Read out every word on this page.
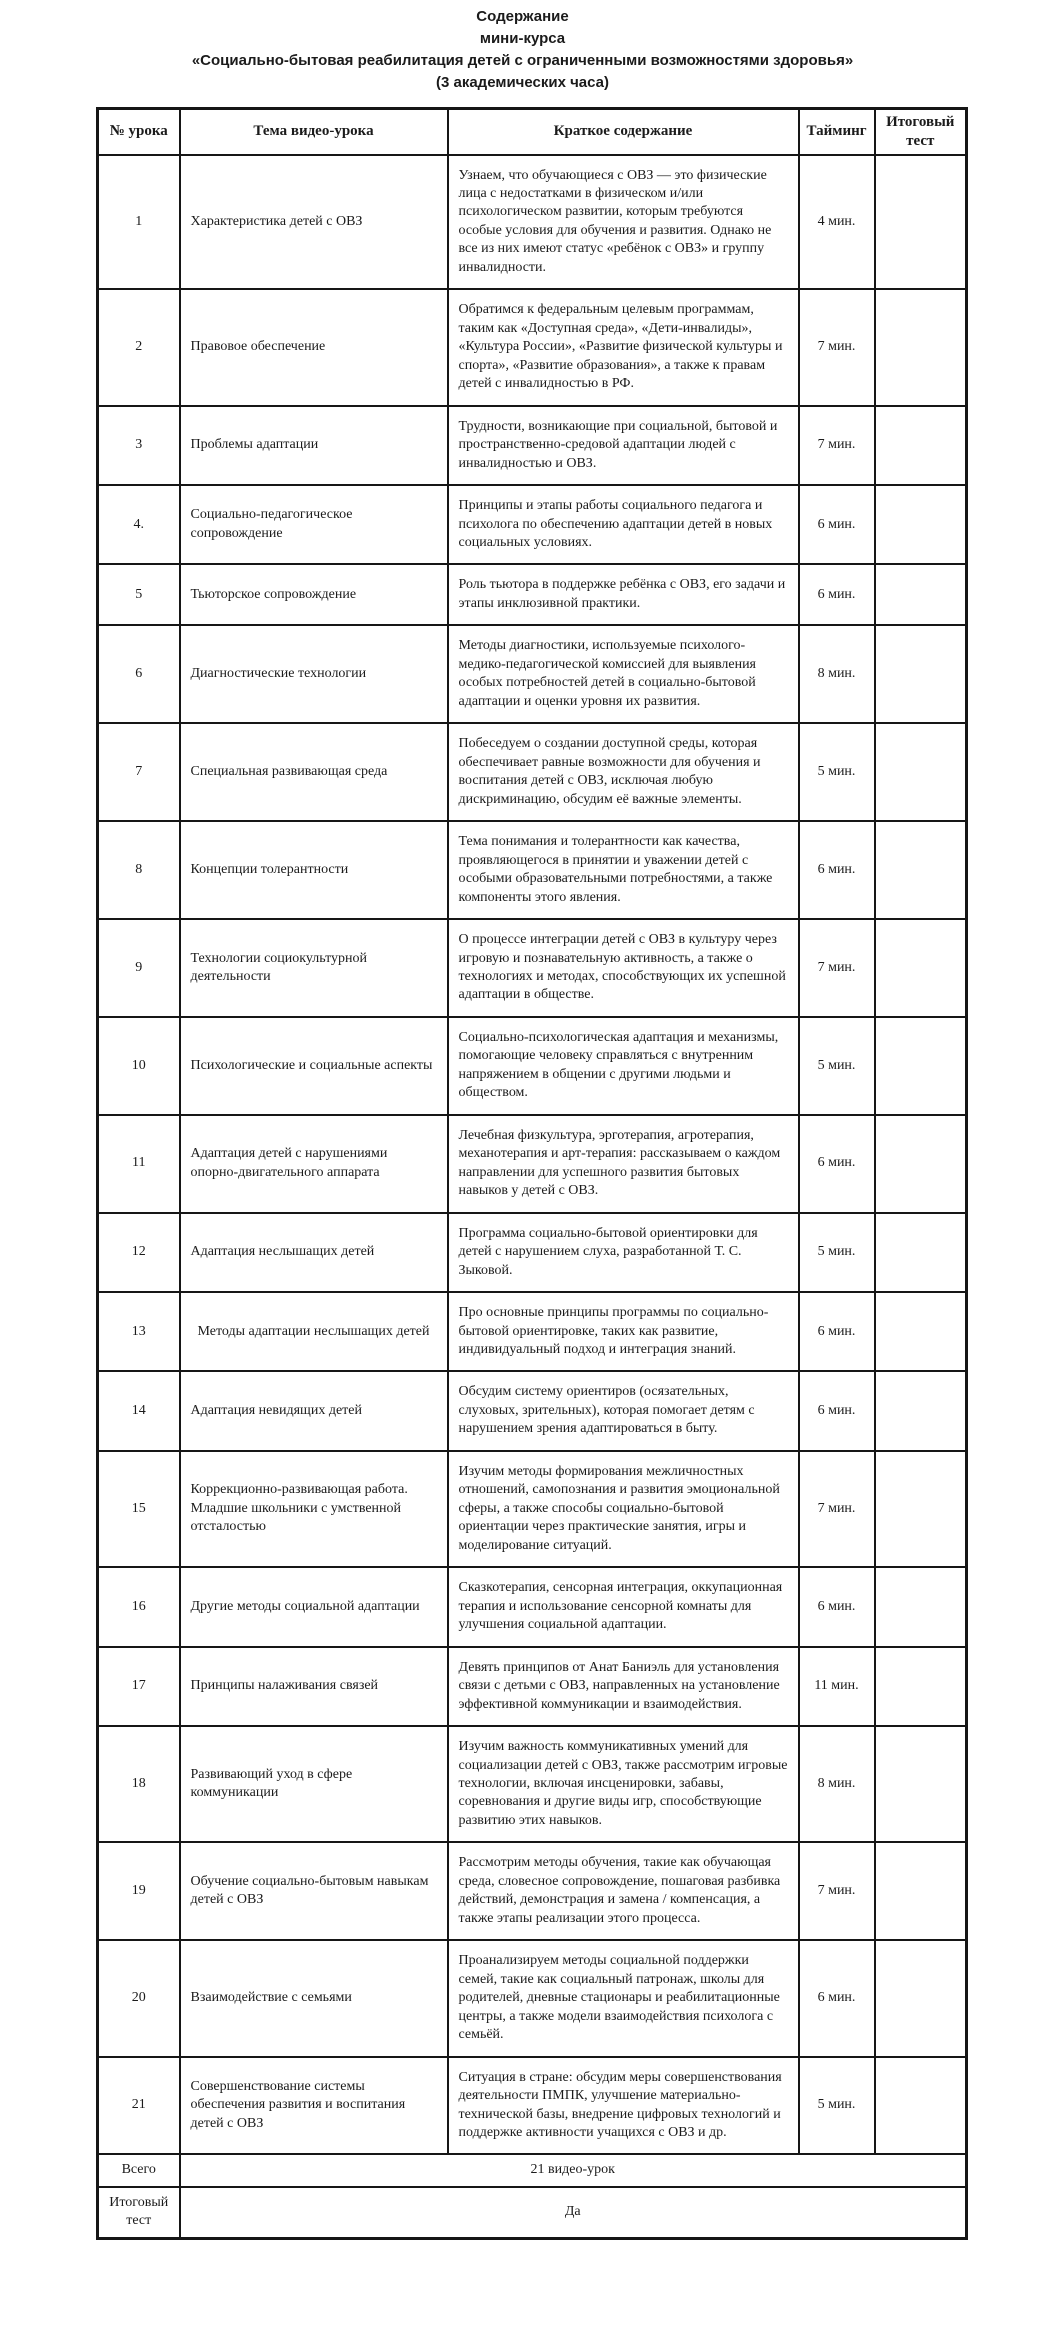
Содержание
мини-курса
«Социально-бытовая реабилитация детей с ограниченными возможностями здоровья»
(3 академических часа)
№ урока	Тема видео-урока	Краткое содержание	Тайминг	Итоговый тест
1	Характеристика детей с ОВЗ	Узнаем, что обучающиеся с ОВЗ — это физические лица с недостатками в физическом и/или психологическом развитии, которым требуются особые условия для обучения и развития. Однако не все из них имеют статус «ребёнок с ОВЗ» и группу инвалидности.	4 мин.	
2	Правовое обеспечение	Обратимся к федеральным целевым программам, таким как «Доступная среда», «Дети-инвалиды», «Культура России», «Развитие физической культуры и спорта», «Развитие образования», а также к правам детей с инвалидностью в РФ.	7 мин.	
3	Проблемы адаптации	Трудности, возникающие при социальной, бытовой и пространственно-средовой адаптации людей с инвалидностью и ОВЗ.	7 мин.	
4.	Социально-педагогическое сопровождение	Принципы и этапы работы социального педагога и психолога по обеспечению адаптации детей в новых социальных условиях.	6 мин.	
5	Тьюторское сопровождение	Роль тьютора в поддержке ребёнка с ОВЗ, его задачи и этапы инклюзивной практики.	6 мин.	
6	Диагностические технологии	Методы диагностики, используемые психолого-медико-педагогической комиссией для выявления особых потребностей детей в социально-бытовой адаптации и оценки уровня их развития.	8 мин.	
7	Специальная развивающая среда	Побеседуем о создании доступной среды, которая обеспечивает равные возможности для обучения и воспитания детей с ОВЗ, исключая любую дискриминацию, обсудим её важные элементы.	5 мин.	
8	Концепции толерантности	Тема понимания и толерантности как качества, проявляющегося в принятии и уважении детей с особыми образовательными потребностями, а также компоненты этого явления.	6 мин.	
9	Технологии социокультурной деятельности	О процессе интеграции детей с ОВЗ в культуру через игровую и познавательную активность, а также о технологиях и методах, способствующих их успешной адаптации в обществе.	7 мин.	
10	Психологические и социальные аспекты	Социально-психологическая адаптация и механизмы, помогающие человеку справляться с внутренним напряжением в общении с другими людьми и обществом.	5 мин.	
11	Адаптация детей с нарушениями опорно-двигательного аппарата	Лечебная физкультура, эрготерапия, агротерапия, механотерапия и арт-терапия: рассказываем о каждом направлении для успешного развития бытовых навыков у детей с ОВЗ.	6 мин.	
12	Адаптация неслышащих детей	Программа социально-бытовой ориентировки для детей с нарушением слуха, разработанной Т. С. Зыковой.	5 мин.	
13	Методы адаптации неслышащих детей	Про основные принципы программы по социально-бытовой ориентировке, таких как развитие, индивидуальный подход и интеграция знаний.	6 мин.	
14	Адаптация невидящих детей	Обсудим систему ориентиров (осязательных, слуховых, зрительных), которая помогает детям с нарушением зрения адаптироваться в быту.	6 мин.	
15	Коррекционно-развивающая работа. Младшие школьники с умственной отсталостью	Изучим методы формирования межличностных отношений, самопознания и развития эмоциональной сферы, а также способы социально-бытовой ориентации через практические занятия, игры и моделирование ситуаций.	7 мин.	
16	Другие методы социальной адаптации	Сказкотерапия, сенсорная интеграция, оккупационная терапия и использование сенсорной комнаты для улучшения социальной адаптации.	6 мин.	
17	Принципы налаживания связей	Девять принципов от Анат Баниэль для установления связи с детьми с ОВЗ, направленных на установление эффективной коммуникации и взаимодействия.	11 мин.	
18	Развивающий уход в сфере коммуникации	Изучим важность коммуникативных умений для социализации детей с ОВЗ, также рассмотрим игровые технологии, включая инсценировки, забавы, соревнования и другие виды игр, способствующие развитию этих навыков.	8 мин.	
19	Обучение социально-бытовым навыкам детей с ОВЗ	Рассмотрим методы обучения, такие как обучающая среда, словесное сопровождение, пошаговая разбивка действий, демонстрация и замена / компенсация, а также этапы реализации этого процесса.	7 мин.	
20	Взаимодействие с семьями	Проанализируем методы социальной поддержки семей, такие как социальный патронаж, школы для родителей, дневные стационары и реабилитационные центры, а также модели взаимодействия психолога с семьёй.	6 мин.	
21	Совершенствование системы обеспечения развития и воспитания детей с ОВЗ	Ситуация в стране: обсудим меры совершенствования деятельности ПМПК, улучшение материально-технической базы, внедрение цифровых технологий и поддержке активности учащихся с ОВЗ и др.	5 мин.	
Всего	21 видео-урок			
Итоговый тест	Да			
